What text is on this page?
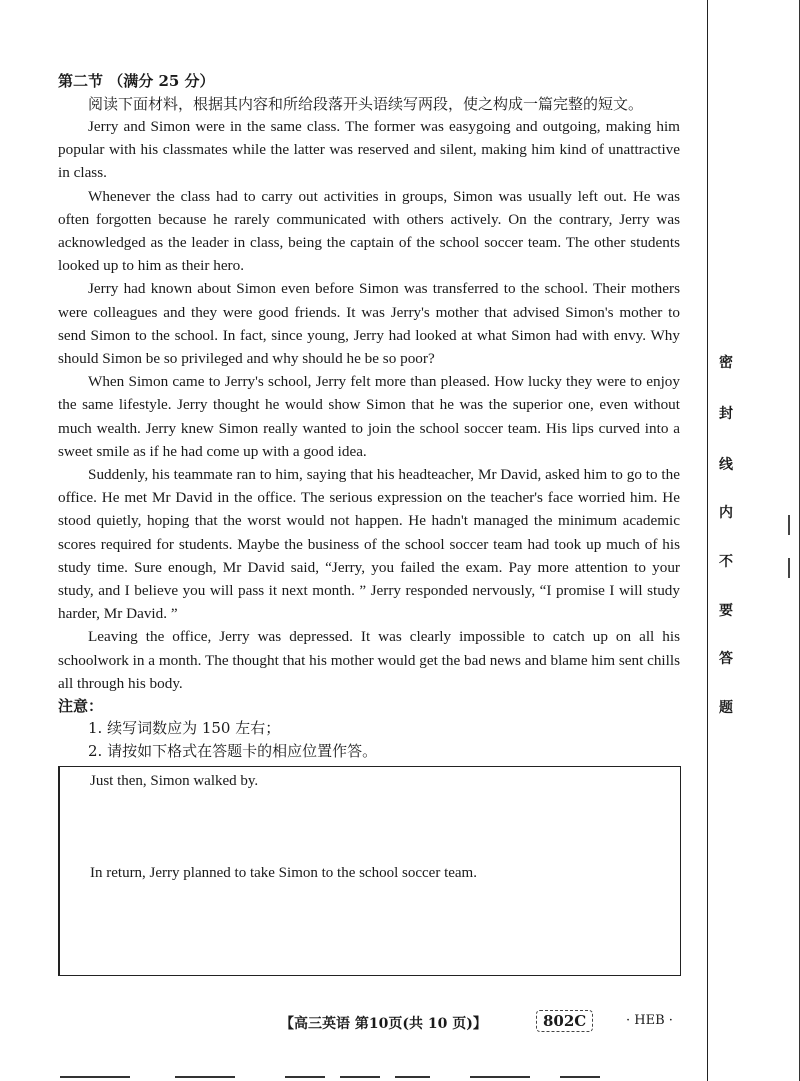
第二节 （满分 25 分）
阅读下面材料，根据其内容和所给段落开头语续写两段，使之构成一篇完整的短文。

Jerry and Simon were in the same class. The former was easygoing and outgoing, making him popular with his classmates while the latter was reserved and silent, making him kind of unattractive in class.

Whenever the class had to carry out activities in groups, Simon was usually left out. He was often forgotten because he rarely communicated with others actively. On the contrary, Jerry was acknowledged as the leader in class, being the captain of the school soccer team. The other students looked up to him as their hero.

Jerry had known about Simon even before Simon was transferred to the school. Their mothers were colleagues and they were good friends. It was Jerry's mother that advised Simon's mother to send Simon to the school. In fact, since young, Jerry had looked at what Simon had with envy. Why should Simon be so privileged and why should he be so poor?

When Simon came to Jerry's school, Jerry felt more than pleased. How lucky they were to enjoy the same lifestyle. Jerry thought he would show Simon that he was the superior one, even without much wealth. Jerry knew Simon really wanted to join the school soccer team. His lips curved into a sweet smile as if he had come up with a good idea.

Suddenly, his teammate ran to him, saying that his headteacher, Mr David, asked him to go to the office. He met Mr David in the office. The serious expression on the teacher's face worried him. He stood quietly, hoping that the worst would not happen. He hadn't managed the minimum academic scores required for students. Maybe the business of the school soccer team had took up much of his study time. Sure enough, Mr David said, “Jerry, you failed the exam. Pay more attention to your study, and I believe you will pass it next month. ” Jerry responded nervously, “I promise I will study harder, Mr David. ”

Leaving the office, Jerry was depressed. It was clearly impossible to catch up on all his schoolwork in a month. The thought that his mother would get the bad news and blame him sent chills all through his body.

注意：
1. 续写词数应为 150 左右；
2. 请按如下格式在答题卡的相应位置作答。
Just then, Simon walked by.
In return, Jerry planned to take Simon to the school soccer team.
【高三英语 第10页(共 10 页)】	802C	· HEB ·
密
封
线
内
不
要
答
题
